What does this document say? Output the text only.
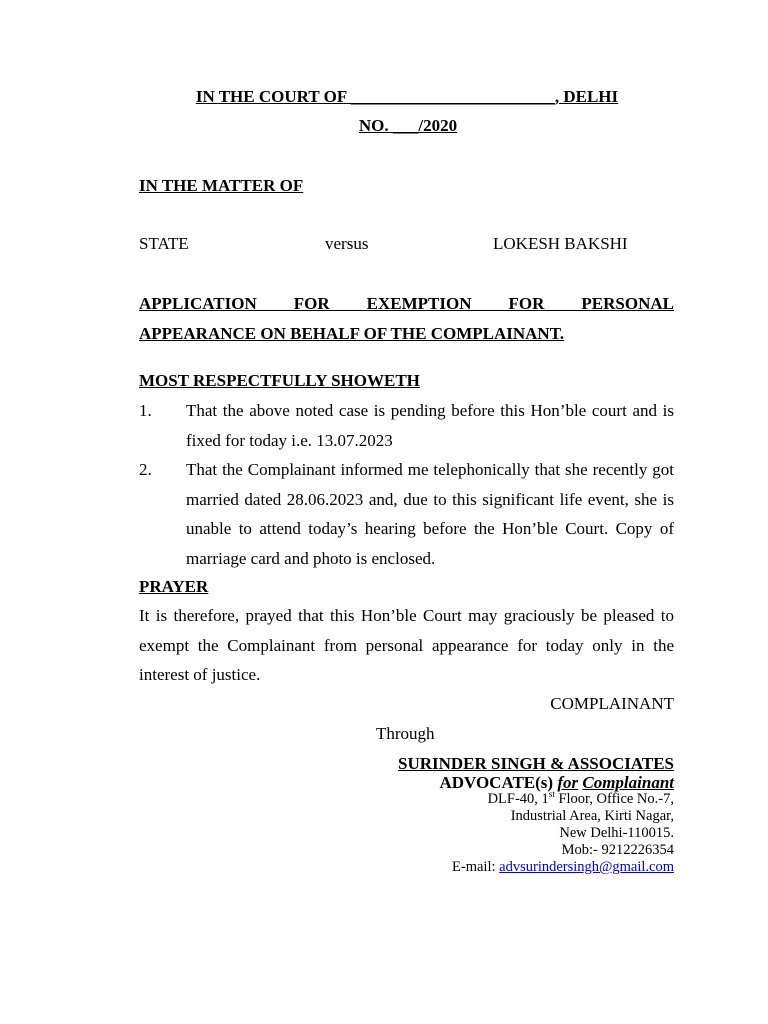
IN THE COURT OF ________________________, DELHI
NO. ___/2020
IN THE MATTER OF
STATE	versus	LOKESH BAKSHI
APPLICATION FOR EXEMPTION FOR PERSONAL
APPEARANCE ON BEHALF OF THE COMPLAINANT.
MOST RESPECTFULLY SHOWETH
1. That the above noted case is pending before this Hon’ble court and is fixed for today i.e. 13.07.2023
2. That the Complainant informed me telephonically that she recently got married dated 28.06.2023 and, due to this significant life event, she is unable to attend today’s hearing before the Hon’ble Court. Copy of marriage card and photo is enclosed.
PRAYER
It is therefore, prayed that this Hon’ble Court may graciously be pleased to exempt the Complainant from personal appearance for today only in the interest of justice.
COMPLAINANT
Through
SURINDER SINGH & ASSOCIATES
ADVOCATE(s) for Complainant
DLF-40, 1st Floor, Office No.-7,
Industrial Area, Kirti Nagar,
New Delhi-110015.
Mob:- 9212226354
E-mail: advsurindersingh@gmail.com
